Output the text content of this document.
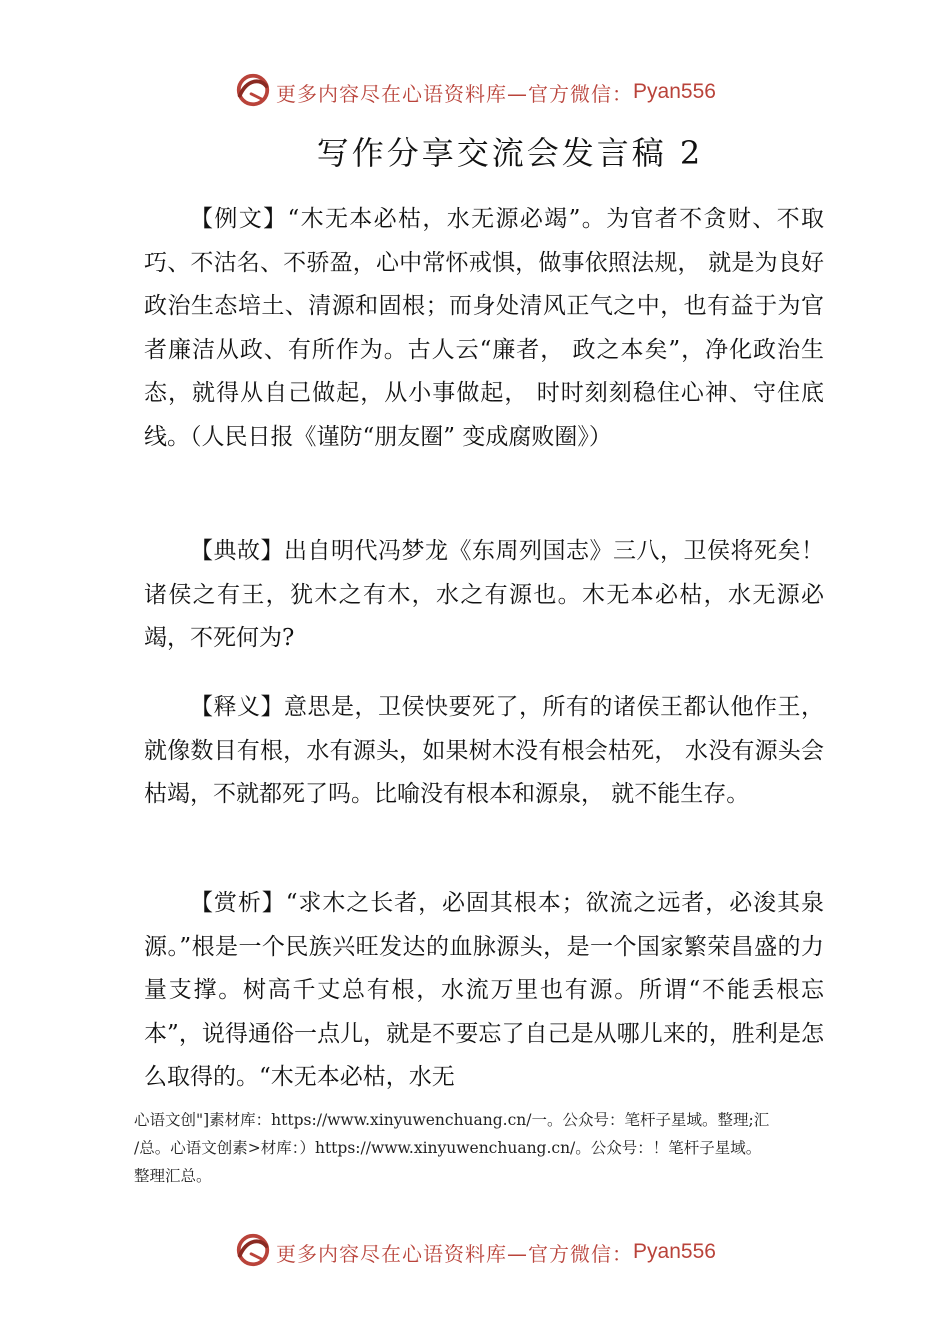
更多内容尽在心语资料库—官方微信： Pyan556
写作分享交流会发言稿 2

【例文】“木无本必枯，水无源必竭”。为官者不贪财、不取巧、不沽名、不骄盈，心中常怀戒惧，做事依照法规， 就是为良好政治生态培土、清源和固根；而身处清风正气之中，也有益于为官者廉洁从政、有所作为。古人云“廉者， 政之本矣”，净化政治生态，就得从自己做起，从小事做起， 时时刻刻稳住心神、守住底线。（人民日报《谨防“朋友圈” 变成腐败圈》）

【典故】出自明代冯梦龙《东周列国志》三八，卫侯将死矣！诸侯之有王，犹木之有木，水之有源也。木无本必枯，水无源必竭，不死何为?

【释义】意思是，卫侯快要死了，所有的诸侯王都认他作王，就像数目有根，水有源头，如果树木没有根会枯死， 水没有源头会枯竭，不就都死了吗。比喻没有根本和源泉， 就不能生存。

【赏析】“求木之长者，必固其根本；欲流之远者，必浚其泉源。”根是一个民族兴旺发达的血脉源头，是一个国家繁荣昌盛的力量支撑。树高千丈总有根，水流万里也有源。所谓“不能丢根忘本”，说得通俗一点儿，就是不要忘了自己是从哪儿来的，胜利是怎么取得的。“木无本必枯，水无

心语文创"]素材库：https://www.xinyuwenchuang.cn/一。公众号：笔杆子星域。整理;汇

/总。心语文创素>材库：）https://www.xinyuwenchuang.cn/。公众号：！笔杆子星域。

整理汇总。

更多内容尽在心语资料库—官方微信： Pyan556
